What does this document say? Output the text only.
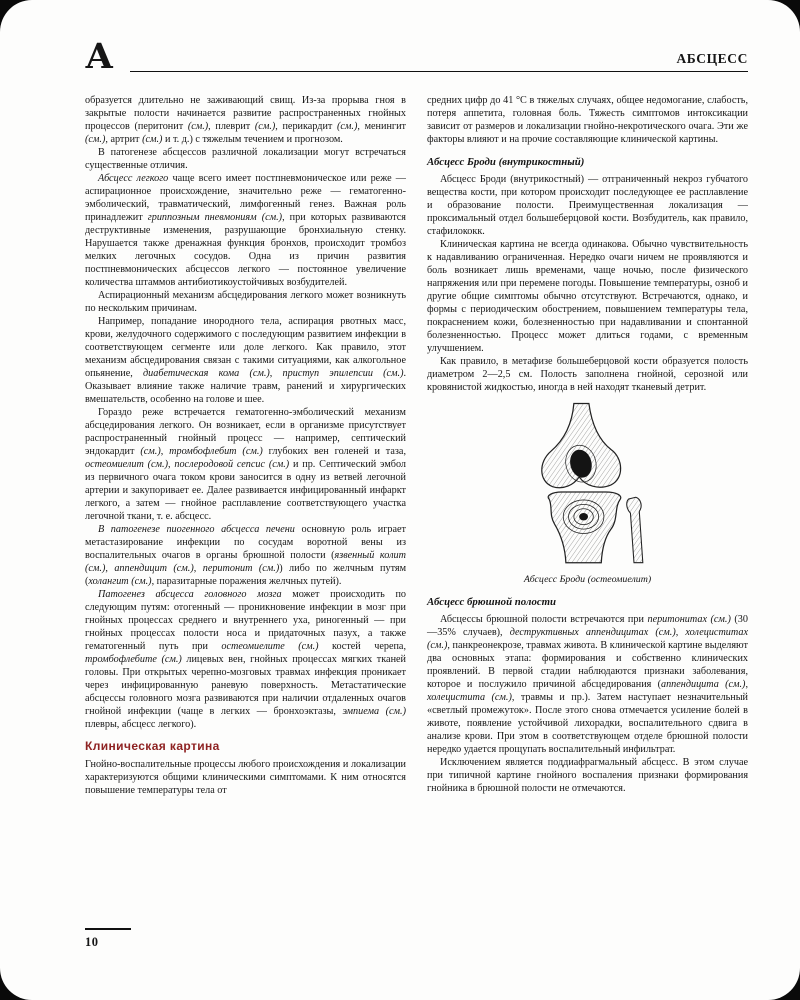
А	АБСЦЕСС

образуется длительно не заживающий свищ. Из-за прорыва гноя в закрытые полости начинается развитие распространенных гнойных процессов (перитонит (см.), плеврит (см.), перикардит (см.), менингит (см.), артрит (см.) и т. д.) с тяжелым течением и прогнозом.

В патогенезе абсцессов различной локализации могут встречаться существенные отличия.

Абсцесс легкого чаще всего имеет постпневмоническое или реже — аспирационное происхождение, значительно реже — гематогенно-эмболический, травматический, лимфогенный генез. Важная роль принадлежит гриппозным пневмониям (см.), при которых развиваются деструктивные изменения, разрушающие бронхиальную стенку. Нарушается также дренажная функция бронхов, происходит тромбоз мелких легочных сосудов. Одна из причин развития постпневмонических абсцессов легкого — постоянное увеличение количества штаммов антибиотикоустойчивых возбудителей.

Аспирационный механизм абсцедирования легкого может возникнуть по нескольким причинам.

Например, попадание инородного тела, аспирация рвотных масс, крови, желудочного содержимого с последующим развитием инфекции в соответствующем сегменте или доле легкого. Как правило, этот механизм абсцедирования связан с такими ситуациями, как алкогольное опьянение, диабетическая кома (см.), приступ эпилепсии (см.). Оказывает влияние также наличие травм, ранений и хирургических вмешательств, особенно на голове и шее.

Гораздо реже встречается гематогенно-эмболический механизм абсцедирования легкого. Он возникает, если в организме присутствует распространенный гнойный процесс — например, септический эндокардит (см.), тромбофлебит (см.) глубоких вен голеней и таза, остеомиелит (см.), послеродовой сепсис (см.) и пр. Септический эмбол из первичного очага током крови заносится в одну из ветвей легочной артерии и закупоривает ее. Далее развивается инфицированный инфаркт легкого, а затем — гнойное расплавление соответствующего участка легочной ткани, т. е. абсцесс.

В патогенезе пиогенного абсцесса печени основную роль играет метастазирование инфекции по сосудам воротной вены из воспалительных очагов в органы брюшной полости (язвенный колит (см.), аппендицит (см.), перитонит (см.)) либо по желчным путям (холангит (см.), паразитарные поражения желчных путей).

Патогенез абсцесса головного мозга может происходить по следующим путям: отогенный — проникновение инфекции в мозг при гнойных процессах среднего и внутреннего уха, риногенный — при гнойных процессах полости носа и придаточных пазух, а также гематогенный путь при остеомиелите (см.) костей черепа, тромбофлебите (см.) лицевых вен, гнойных процессах мягких тканей головы. При открытых черепно-мозговых травмах инфекция проникает через инфицированную раневую поверхность. Метастатические абсцессы головного мозга развиваются при наличии отдаленных очагов гнойной инфекции (чаще в легких — бронхоэктазы, эмпиема (см.) плевры, абсцесс легкого).

Клиническая картина

Гнойно-воспалительные процессы любого происхождения и локализации характеризуются общими клиническими симптомами. К ним относятся повышение температуры тела от

средних цифр до 41 °С в тяжелых случаях, общее недомогание, слабость, потеря аппетита, головная боль. Тяжесть симптомов интоксикации зависит от размеров и локализации гнойно-некротического очага. Эти же факторы влияют и на прочие составляющие клинической картины.

Абсцесс Броди (внутрикостный)

Абсцесс Броди (внутрикостный) — отграниченный некроз губчатого вещества кости, при котором происходит последующее ее расплавление и образование полости. Преимущественная локализация — проксимальный отдел большеберцовой кости. Возбудитель, как правило, стафилококк.

Клиническая картина не всегда одинакова. Обычно чувствительность к надавливанию ограниченная. Нередко очаги ничем не проявляются и боль возникает лишь временами, чаще ночью, после физического напряжения или при перемене погоды. Повышение температуры, озноб и другие общие симптомы обычно отсутствуют. Встречаются, однако, и формы с периодическим обострением, повышением температуры тела, покраснением кожи, болезненностью при надавливании и спонтанной болезненностью. Процесс может длиться годами, с временным улучшением.

Как правило, в метафизе большеберцовой кости образуется полость диаметром 2—2,5 см. Полость заполнена гнойной, серозной или кровянистой жидкостью, иногда в ней находят тканевый детрит.

Абсцесс Броди (остеомиелит)
Абсцесс брюшной полости

Абсцессы брюшной полости встречаются при перитонитах (см.) (30—35% случаев), деструктивных аппендицитах (см.), холециститах (см.), панкреонекрозе, травмах живота. В клинической картине выделяют два основных этапа: формирования и собственно клинических проявлений. В первой стадии наблюдаются признаки заболевания, которое и послужило причиной абсцедирования (аппендицита (см.), холецистита (см.), травмы и пр.). Затем наступает незначительный «светлый промежуток». После этого снова отмечается усиление болей в животе, появление устойчивой лихорадки, воспалительного сдвига в анализе крови. При этом в соответствующем отделе брюшной полости нередко удается прощупать воспалительный инфильтрат.

Исключением является поддиафрагмальный абсцесс. В этом случае при типичной картине гнойного воспаления признаки формирования гнойника в брюшной полости не отмечаются.

10
